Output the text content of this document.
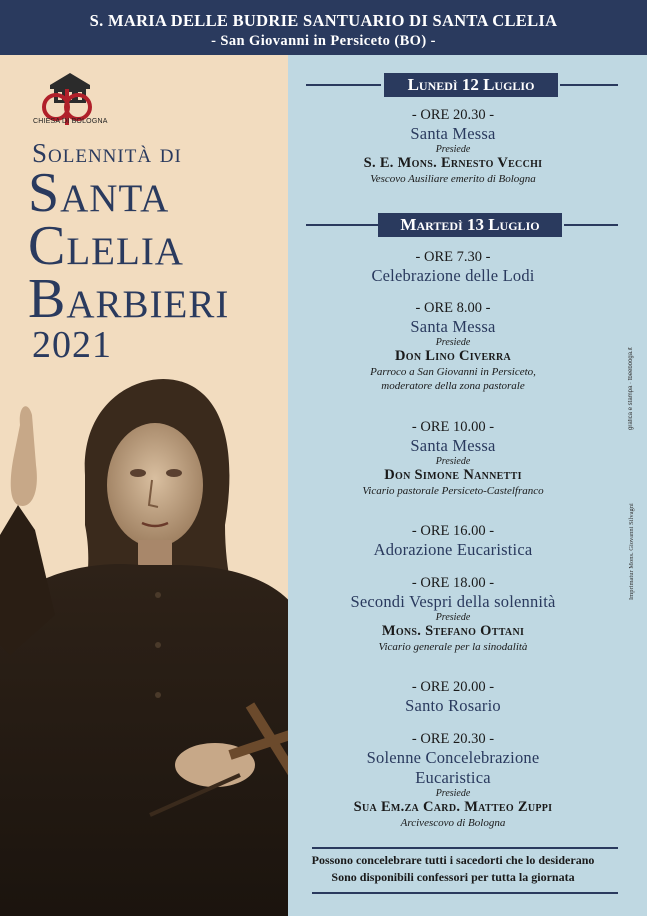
S. MARIA DELLE BUDRIE SANTUARIO DI SANTA CLELIA
- San Giovanni in Persiceto (BO) -
CHIESA DI BOLOGNA
Solennità di
Santa
Clelia
Barbieri
2021
Lunedì 12 Luglio
- ORE 20.30 -
Santa Messa
Presiede
S. E. Mons. Ernesto Vecchi
Vescovo Ausiliare emerito di Bologna
Martedì 13 Luglio
- ORE 7.30 -
Celebrazione delle Lodi
- ORE 8.00 -
Santa Messa
Presiede
Don Lino Civerra
Parroco a San Giovanni in Persiceto,
moderatore della zona pastorale
- ORE 10.00 -
Santa Messa
Presiede
Don Simone Nannetti
Vicario pastorale Persiceto-Castelfranco
- ORE 16.00 -
Adorazione Eucaristica
- ORE 18.00 -
Secondi Vespri della solennità
Presiede
Mons. Stefano Ottani
Vicario generale per la sinodalità
- ORE 20.00 -
Santo Rosario
- ORE 20.30 -
Solenne Concelebrazione
Eucaristica
Presiede
Sua Em.za Card. Matteo Zuppi
Arcivescovo di Bologna
Possono concelebrare tutti i sacedorti che lo desiderano
Sono disponibili confessori per tutta la giornata
grafica e stampa · tbeebooga.it
Imprimatur Mons. Giovanni Silvagni
